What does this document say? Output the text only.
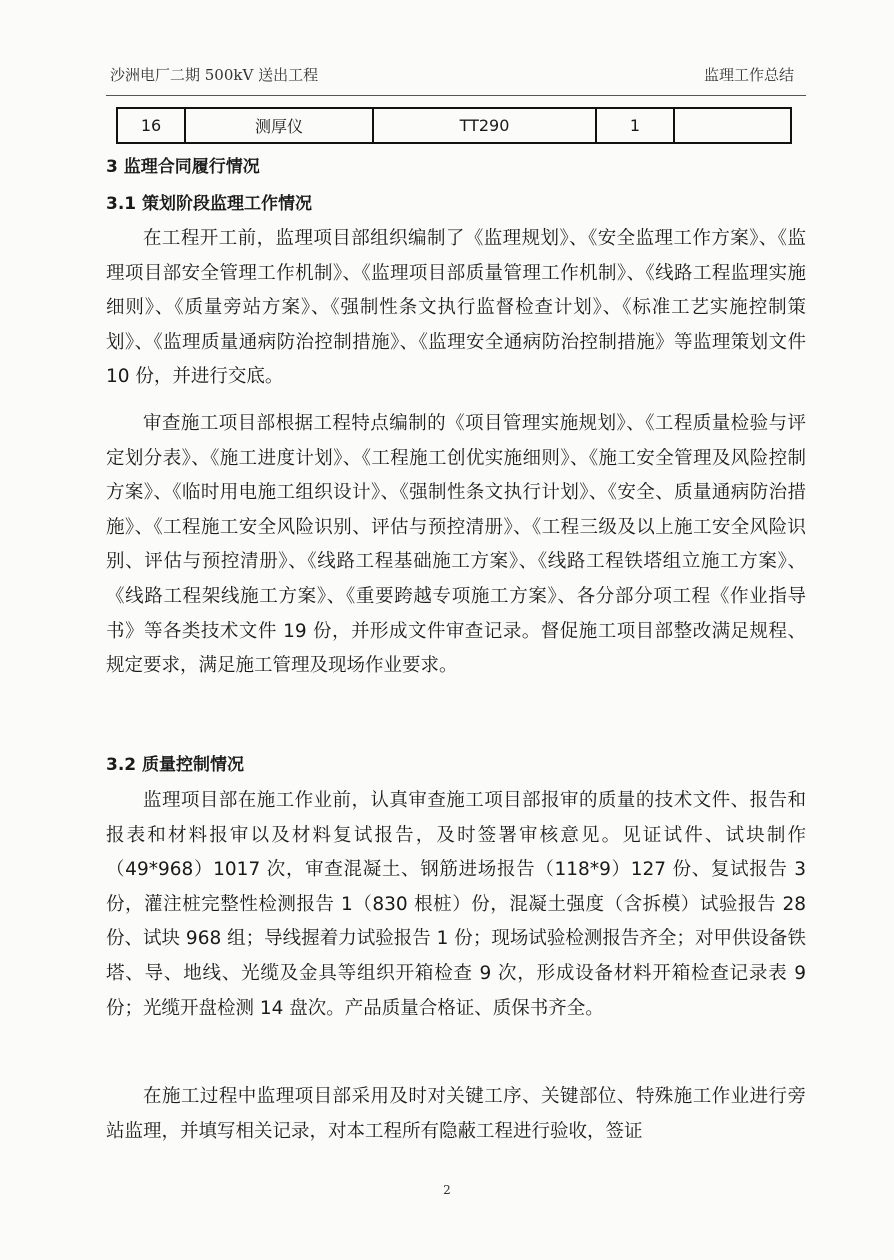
沙洲电厂二期 500kV 送出工程	监理工作总结
16	测厚仪	TT290	1	
3 监理合同履行情况
3.1 策划阶段监理工作情况

在工程开工前，监理项目部组织编制了《监理规划》、《安全监理工作方案》、《监理项目部安全管理工作机制》、《监理项目部质量管理工作机制》、《线路工程监理实施细则》、《质量旁站方案》、《强制性条文执行监督检查计划》、《标准工艺实施控制策划》、《监理质量通病防治控制措施》、《监理安全通病防治控制措施》等监理策划文件 10 份，并进行交底。

审查施工项目部根据工程特点编制的《项目管理实施规划》、《工程质量检验与评定划分表》、《施工进度计划》、《工程施工创优实施细则》、《施工安全管理及风险控制方案》、《临时用电施工组织设计》、《强制性条文执行计划》、《安全、质量通病防治措施》、《工程施工安全风险识别、评估与预控清册》、《工程三级及以上施工安全风险识别、评估与预控清册》、《线路工程基础施工方案》、《线路工程铁塔组立施工方案》、《线路工程架线施工方案》、《重要跨越专项施工方案》、各分部分项工程《作业指导书》等各类技术文件 19 份，并形成文件审查记录。督促施工项目部整改满足规程、规定要求，满足施工管理及现场作业要求。

3.2 质量控制情况

监理项目部在施工作业前，认真审查施工项目部报审的质量的技术文件、报告和报表和材料报审以及材料复试报告，及时签署审核意见。见证试件、试块制作（49*968）1017 次，审查混凝土、钢筋进场报告（118*9）127 份、复试报告 3 份，灌注桩完整性检测报告 1（830 根桩）份，混凝土强度（含拆模）试验报告 28 份、试块 968 组；导线握着力试验报告 1 份；现场试验检测报告齐全；对甲供设备铁塔、导、地线、光缆及金具等组织开箱检查 9 次，形成设备材料开箱检查记录表 9 份；光缆开盘检测 14 盘次。产品质量合格证、质保书齐全。

在施工过程中监理项目部采用及时对关键工序、关键部位、特殊施工作业进行旁站监理，并填写相关记录，对本工程所有隐蔽工程进行验收，签证

2
